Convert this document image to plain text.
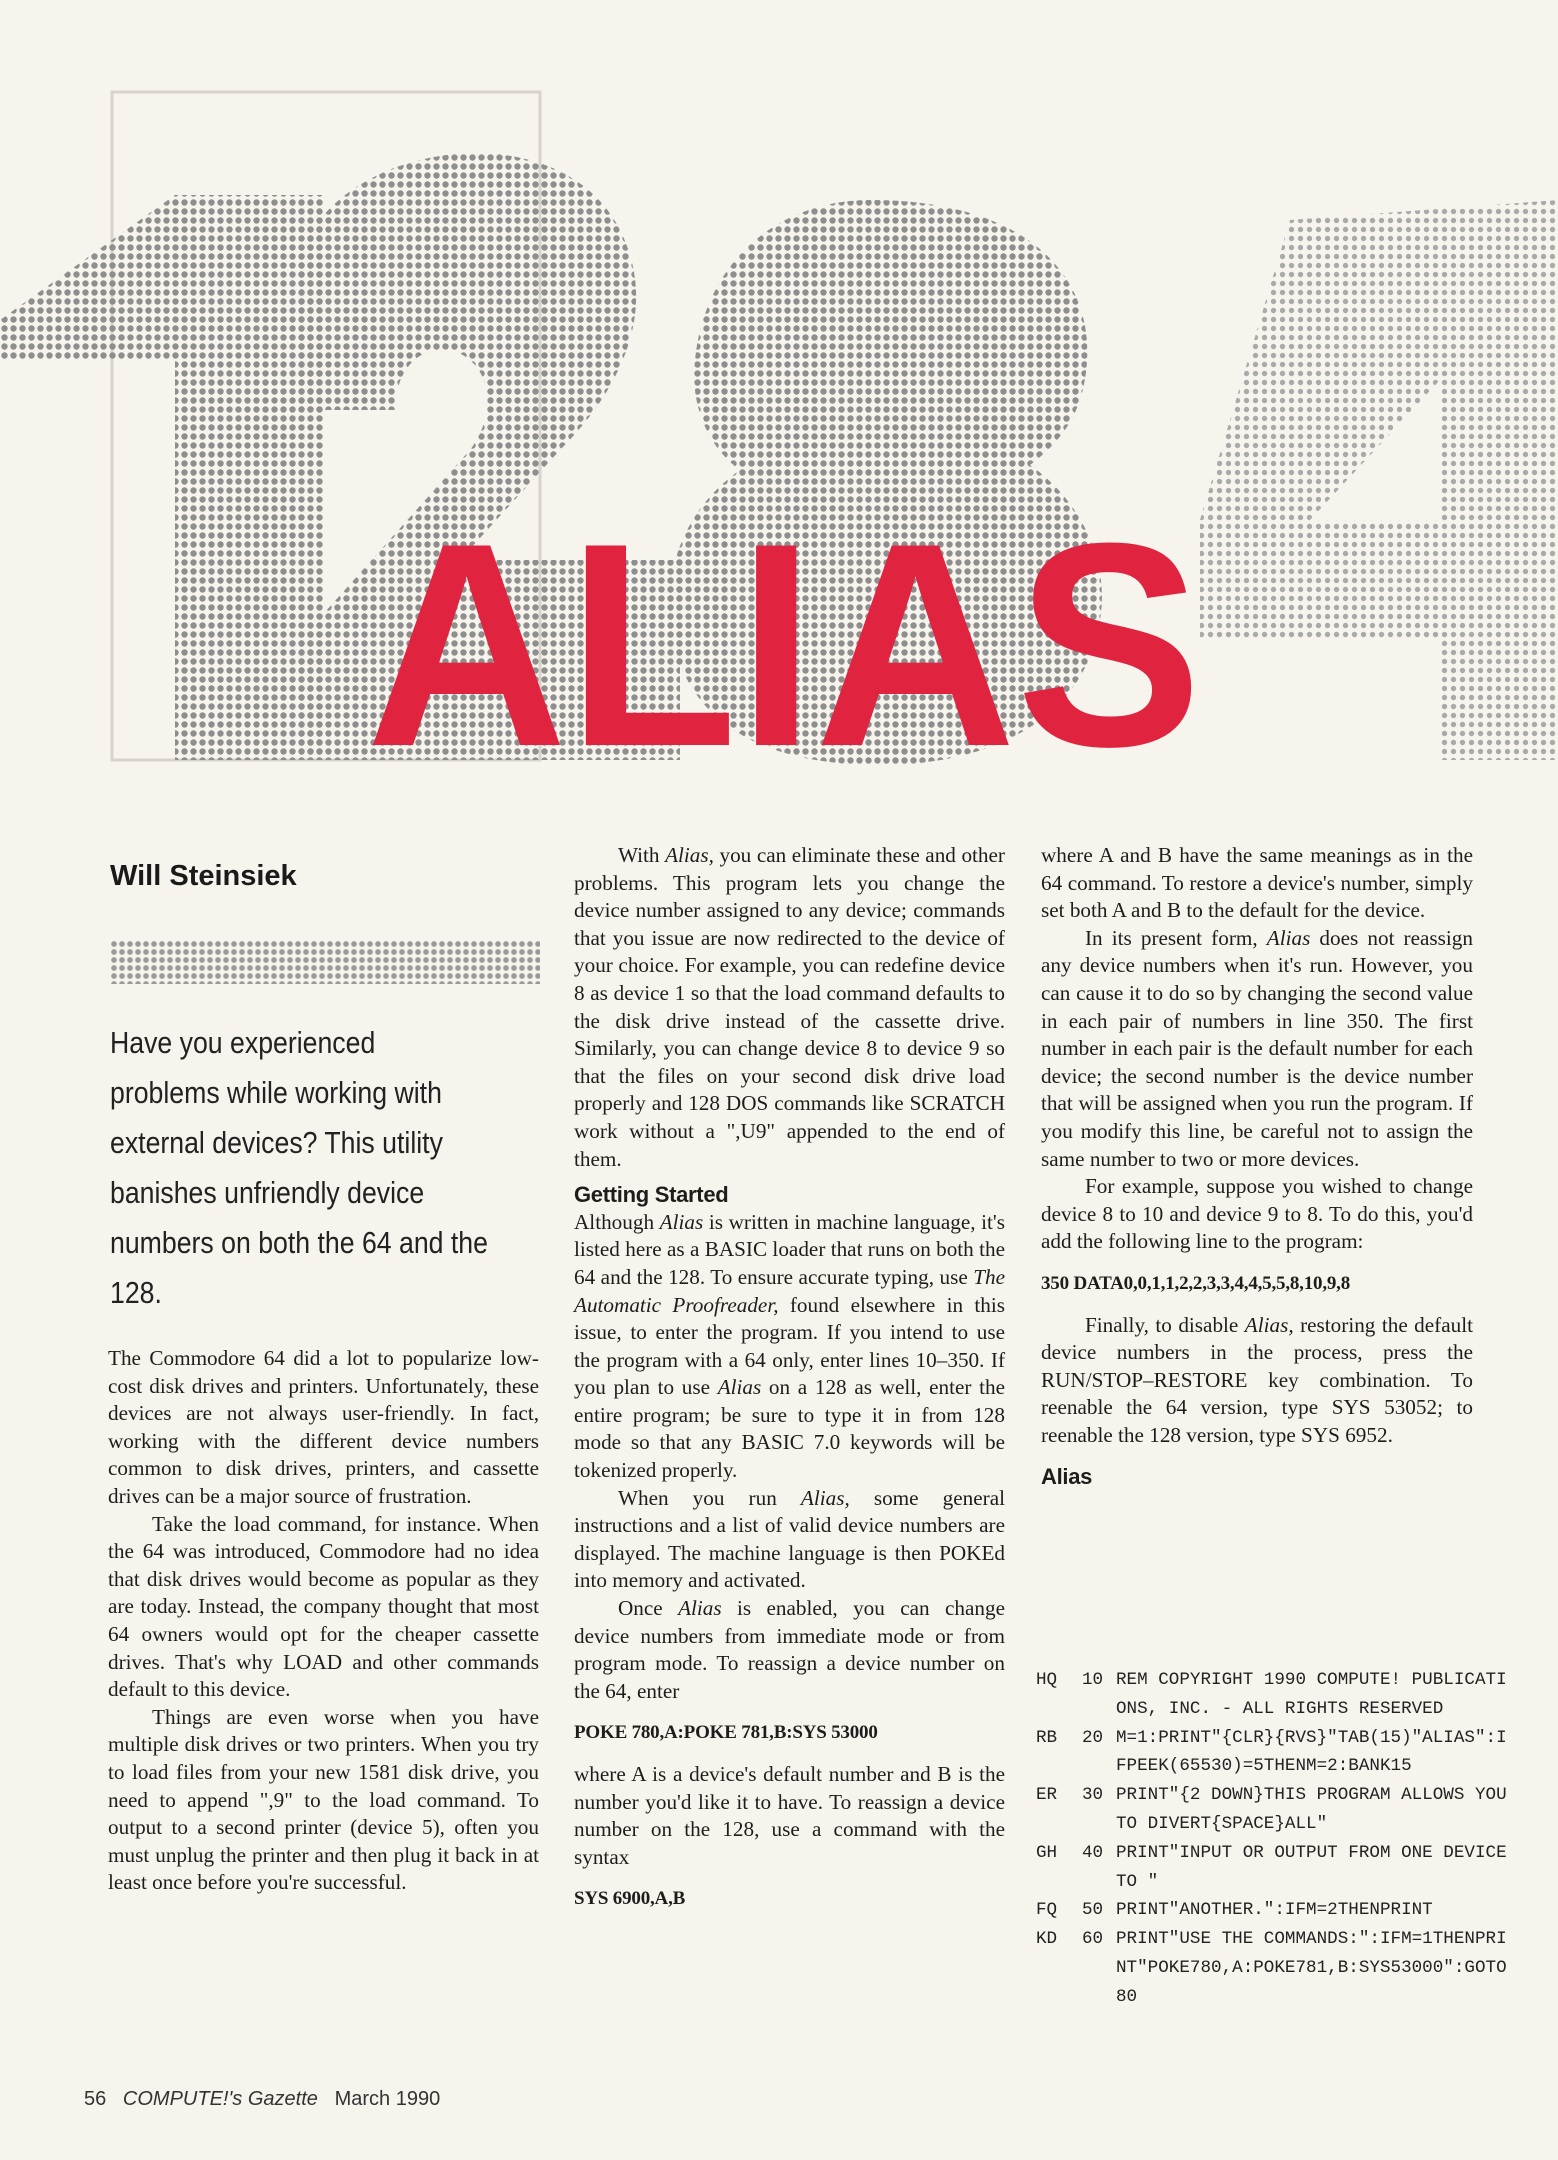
ALIAS
Will Steinsiek
Have you experienced problems while working with external devices? This utility banishes unfriendly device numbers on both the 64 and the 128.

The Commodore 64 did a lot to popularize low-cost disk drives and printers. Unfortunately, these devices are not always user-friendly. In fact, working with the different device numbers common to disk drives, printers, and cassette drives can be a major source of frustration.

Take the load command, for instance. When the 64 was introduced, Commodore had no idea that disk drives would become as popular as they are today. Instead, the company thought that most 64 owners would opt for the cheaper cassette drives. That's why LOAD and other commands default to this device.

Things are even worse when you have multiple disk drives or two printers. When you try to load files from your new 1581 disk drive, you need to append ",9" to the load command. To output to a second printer (device 5), often you must unplug the printer and then plug it back in at least once before you're successful.

With Alias, you can eliminate these and other problems. This program lets you change the device number assigned to any device; commands that you issue are now redirected to the device of your choice. For example, you can redefine device 8 as device 1 so that the load command defaults to the disk drive instead of the cassette drive. Similarly, you can change device 8 to device 9 so that the files on your second disk drive load properly and 128 DOS commands like SCRATCH work without a ",U9" appended to the end of them.

Getting Started

Although Alias is written in machine language, it's listed here as a BASIC loader that runs on both the 64 and the 128. To ensure accurate typing, use The Automatic Proofreader, found elsewhere in this issue, to enter the program. If you intend to use the program with a 64 only, enter lines 10–350. If you plan to use Alias on a 128 as well, enter the entire program; be sure to type it in from 128 mode so that any BASIC 7.0 keywords will be tokenized properly.

When you run Alias, some general instructions and a list of valid device numbers are displayed. The machine language is then POKEd into memory and activated.

Once Alias is enabled, you can change device numbers from immediate mode or from program mode. To reassign a device number on the 64, enter

POKE 780,A:POKE 781,B:SYS 53000

where A is a device's default number and B is the number you'd like it to have. To reassign a device number on the 128, use a command with the syntax

SYS 6900,A,B

where A and B have the same meanings as in the 64 command. To restore a device's number, simply set both A and B to the default for the device.

In its present form, Alias does not reassign any device numbers when it's run. However, you can cause it to do so by changing the second value in each pair of numbers in line 350. The first number in each pair is the default number for each device; the second number is the device number that will be assigned when you run the program. If you modify this line, be careful not to assign the same number to two or more devices.

For example, suppose you wished to change device 8 to 10 and device 9 to 8. To do this, you'd add the following line to the program:

350 DATA0,0,1,1,2,2,3,3,4,4,5,5,8,10,9,8

Finally, to disable Alias, restoring the default device numbers in the process, press the RUN/STOP–RESTORE key combination. To reenable the 64 version, type SYS 53052; to reenable the 128 version, type SYS 6952.

Alias
HQ	10 REM COPYRIGHT 1990 COMPUTE! PUBLICATIONS, INC. - ALL RIGHTS RESERVED
RB	20 M=1:PRINT"{CLR}{RVS}"TAB(15)"ALIAS":IFPEEK(65530)=5THENM=2:BANK15
ER	30 PRINT"{2 DOWN}THIS PROGRAM ALLOWS YOU TO DIVERT{SPACE}ALL"
GH	40 PRINT"INPUT OR OUTPUT FROM ONE DEVICE TO "
FQ	50 PRINT"ANOTHER.":IFM=2THENPRINT
KD	60 PRINT"USE THE COMMANDS:":IFM=1THENPRINT"POKE780,A:POKE781,B:SYS53000":GOTO80
56 COMPUTE!'s Gazette March 1990
